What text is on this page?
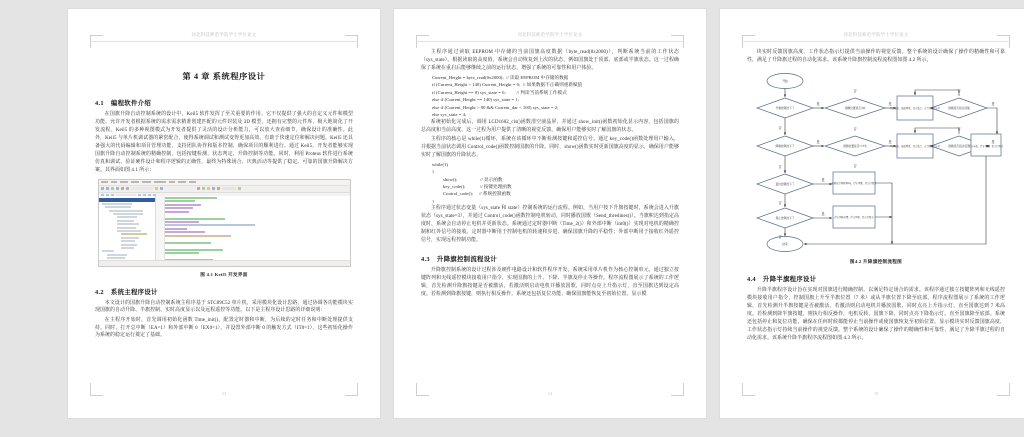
河北科技师范学院学士学位论文
第 4 章 系统程序设计
4.1 编程软件介绍

在国旗升降自动控制系统的设计中，Keil5 软件发挥了至关重要的作用。它不仅提供了强大的自定义元件和模型功能，允许开发者根据系统的需求需求精准创建匹配的元件封装及 3D 模型，还拥有完整的元件库，极大地简化了开发流程。Keil5 的多种视图模式为开发者提供了灵活的设计分析能力，可以放大查看细节，确保设计的准确性。此外，Keil5 与单片机调试器的紧密配合，使得系统调试和测试变得更加高效，有助于快速定位和解决问题。Keil5 还具备强大的代码编辑和项目管理功能，支持团队协作和版本控制，确保项目的顺利进行。通过 Keil5，开发者能够实现国旗升降自动控制系统的精确控制，包括按键检测、状态判定、升降控制等功能。同时，利用 Proteus 软件进行系统仿真和调试，验证硬件设计和程序逻辑的正确性，最终为特殊场合、庆典活动等提供了稳定、可靠的国旗升降解决方案。其界面如图 4.1 所示：

图 4.1 Keil5 开发界面
4.2 系统主程序设计

本文设计的国旗升降自动控制系统主程序基于 STC89C52 单片机，采用模块化设计思路，通过协调各功能模块实现国旗的自动升降、半旗控制、实时高度显示以及远程遥控等功能。以下是主程序设计思路的详细说明：

在主程序开始时，首先调用初始化函数 Time_init()，配置定时器和中断，为后续的定时任务和中断处理提供支持。同时，打开总中断（EA=1）和外部中断 0（EX0=1），并设置外部中断 0 的触发方式（IT0=1），这些初始化操作为系统的稳定运行奠定了基础。

13
河北科技师范学院学士学位论文

主程序通过读取 EEPROM 中存储的当前国旗高度数据（byte_read(0x2000)），判断系统当前的工作状态（sys_state）。根据读取的高度值，系统会自动恢复到上次的状态，例如国旗处于顶部、底部或半旗状态。这一过程确保了系统在重启后能够继续之前的运行状态，增强了系统的可靠性和用户体验。

Current_Height = byte_read(0x2000);  // 读取 EEPROM 中存储的数据

if (Current_Height > 140) Current_Height = 0;  // 如果数据不正确则重新赋值

if (Current_Height == 0) sys_state = 0;         // 判读当前系统工作模式

else if (Current_Height == 140) sys_state = 1;

else if (Current_Height > 90 && Current_dar < 100) sys_state = 2;

else sys_state = 4;

系统初始化完成后，调用 LCD1602_cls()函数清空液晶屏，并通过 show_init()函数初始化显示内容，包括国旗的总高度和当前高度。这一过程为用户提供了清晰的视觉反馈，确保用户能够实时了解国旗的状态。

主程序的核心是 while(1)循环，系统在该循环中不断检测按键和遥控信号。通过 key_code()函数处理用户输入，并根据当前状态调用 Control_code()函数控制国旗的升降。同时，show()函数实时更新国旗高度的显示，确保用户能够实时了解国旗的升降状态。

while(1)

{

show();                   // 显示函数

key_code();            // 按键处理函数

Control_code();     // 系统控制函数

}

主程序通过状态变量（sys_state 和 state）控制系统的运行流程。例如，当用户按下升旗按键时，系统会进入升旗状态（sys_state=3），并通过 Control_code()函数控制电机转动，同时播放国歌（Send_thredines()）。当旗帜达到指定高度时，系统会自动停止电机并更新状态。系统通过定时器中断（Time_2()）和外部中断（int0()）实现对电机的精确控制和红外信号的接收。定时器中断用于控制电机的转速和步进，确保国旗升降的平稳性；外部中断用于接收红外遥控信号，实现远程控制功能。

4.3 升降旗控制流程设计

升降旗控制系统的设计过程涉及硬件电路设计和软件程序开发。系统采用单片机作为核心控制单元，通过独立按键阵列和无线遥控模块接收用户指令，实现国旗的上升、下降、半旗及停止等操作。程序流程图展示了系统的工作逻辑，首先检测升降旗按键是否被激活，若激活则启动电机并播放国歌，同时点亮上升指示灯，直至国旗达到设定高度。若检测到降旗按键，则执行相反操作。系统还包括复位功能，确保国旗能恢复至初始位置。显示模

14
河北科技师范学院学士学位论文

块实时反馈国旗高度，工作状态指示灯提供当前操作的视觉反馈。整个系统的设计确保了操作的精确性和可靠性，满足了升降旗过程的自动化需求。该系统升降旗控制流程流程图如图 4.2 所示。

是	是
否	否
是
否
是	是
否	否
是
否	否
是
否
是
否
开始
升旗按键按下了	国旗位置是否为0	开启电机、播放国歌、显示高度、点亮升旗指示灯	国旗是否到达顶端
降旗按键按下了	国旗位置是否>=7米	开启电机、播放国歌、显示高度、点亮降旗指示灯	国旗是否到达底部 停止电机、停止国歌、指示灯熄灭
复位按键按下了	旗帜恢复国旗到0米、停止国歌、指示灯熄灭
停止按键按下了	停止国旗升降、停止国歌、指示灯熄灭
结束
图4.2 升降旗控制流程图
4.4 升降半旗程序设计

升降半旗程序设计旨在实现对国旗进行精确控制，以满足特定场合的需求。该程序通过独立按键阵列和无线遥控模块接收用户指令，控制国旗上升至半旗位置（7 米）或从半旗位置下降至底部。程序流程图展示了系统的工作逻辑，首先检测升半旗按键是否被激活，若激活则启动电机并播放国歌，同时点亮上升指示灯，直至国旗达到 7 米高度。若检测到降半旗按键，则执行相反操作，电机反转，国旗下降，同时点亮下降指示灯。直至国旗降至底部。系统还包括停止和复位功能，确保在任何时候都能停止当前操作或使国旗恢复至初始位置。显示模块实时反馈国旗高度，工作状态指示灯持续当前操作的视觉反馈。整个系统的设计确保了操作的精确性和可靠性，满足了升降半旗过程的自动化需求。该系统升降半旗程序流程图如图 4.3 所示。

15
